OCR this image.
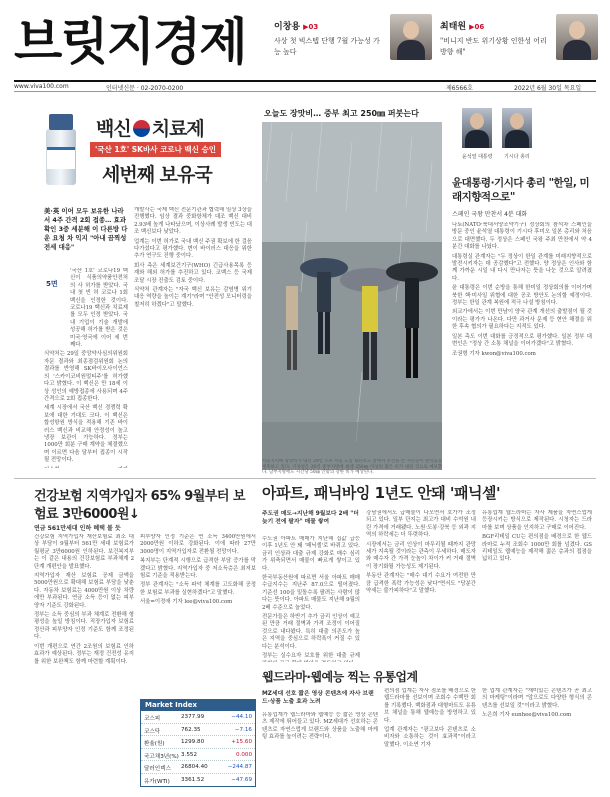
브릿지경제	이창용 ▶03
사상 첫 빅스텝 단행 7월 가능성 가능 높다
최태원 ▶06
"비니지 반도 위기상황 인한성 어리 방향 해"
www.viva100.com	인터넷신문 · 02-2070-0200	제6566호	2022년 6월 30일 목요일
백신 치료제
'국산 1호' SK바사 코로나 백신 승인
세번째 보유국
美·英 이어 모두 보유한 나라서 4주 간격 2회 접종… 효과 확인 3중 세분해 이 다른방 다운 요청 차 익지 "아내 끔찍성 전세 대응"

'국산 1호' 코로나19 백신이 식품의약품안전처의 사 허가를 받았다. 국내 첫 빈 허 코로나 1회 백신을 인정한 것이다. 코로나19 백신과 치료제를 모두 인정 받았다. 국내 기업이 기술 개발에 성공해 허가를 받은 것은 미국·영국에 이어 세 번째다.

식약처는 29일 중앙약사심의위원회 자문 결과와 최종점검위원회 논의 결과를 반영해 SK바이오사이언스의 '스카이코비원멀티주'를 허가했다고 밝혔다. 이 백신은 만 18세 이상 성인의 예방접종에 사용되며 4주 간격으로 2회 접종한다.

세계 시장에서 국산 백신 경쟁력 확보에 대한 기대도 크다. 이 백신은 합성항원 방식을 적용해 기존 바이러스 백신과 비교해 안정성이 높고 냉장 보관이 가능하다. 정부는 1000만 회분 구매 계약을 체결했으며 이르면 다음 달부터 접종이 시작될 전망이다.

5면

개발사는 국제 백신 전문기관과 협력해 임상 3상을 진행했다. 임상 결과 중화항체가 대조 백신 대비 2.93배 높게 나타났으며, 이상사례 발생 빈도는 대조 백신보다 낮았다.

업계는 이번 허가로 국내 백신 주권 확보에 한 걸음 다가섰다고 평가했다. 변이 바이러스 대응을 위한 추가 연구도 진행 중이다.

회사 측은 세계보건기구(WHO) 긴급사용목록 등재와 해외 허가를 추진하고 있다. 코백스 등 국제 조달 시장 진출도 검토 중이다.

식약처 관계자는 "자국 백신 보유는 감염병 위기 대응 역량을 높이는 계기"라며 "안전성 모니터링을 철저히 하겠다"고 말했다.

오늘도 장맛비… 중부 최고 250㎜ 퍼붓는다
윤석열 대통령 기시다 총리
윤대통령·기시다 총리 "한일, 미래지향적으로"
스페인 국왕 만찬서 4분 대화

나토(NATO·북대서양조약기구) 정상회의 참석차 스페인을 방문 중인 윤석열 대통령이 기시다 후미오 일본 총리와 처음으로 대면했다. 두 정상은 스페인 국왕 주최 만찬에서 약 4분간 대화를 나눴다.

대통령실 관계자는 "두 정상이 한일 관계를 미래지향적으로 발전시키자는 데 공감했다"고 전했다. 양 정상은 인사와 함께 가까운 시일 내 다시 만나자는 뜻을 나눈 것으로 알려졌다.

윤 대통령은 이번 순방을 통해 한미일 정상회의를 이어가며 북한 핵·미사일 위협에 대한 공조 방안도 논의할 예정이다. 정부는 한일 관계 복원에 적극 나설 방침이다.

외교가에서는 이번 만남이 양국 관계 개선의 출발점이 될 것이라는 평가가 나온다. 다만 과거사 문제 등 현안 해결을 위한 후속 협의가 필요하다는 지적도 있다.

일본 측도 이번 대화를 긍정적으로 평가했다. 일본 정부 대변인은 "정상 간 소통 채널을 이어가겠다"고 밝혔다.

조권형 기자 kwon@viva100.com

서울지역에 장맛비가 내린 29일 오후 서울 도심 횡단보도 앞에서 우산을 쓴 시민들이 발걸음을 재촉하고 있다. 기상청은 30일 중부지방에 최대 250㎜ 이상의 많은 비가 내릴 것으로 예보했다. 남부지방에도 시간당 50㎜ 안팎의 강한 비가 예상된다.
건강보험 지역가입자 65% 9월부터 보험료 3만6000원↓
연금 561만세대 인하 혜택 볼 듯

건강보험 지역가입자 재산보험료 최소 대상 부담이 9월부터 561만 세대 보험료가 월평균 3만6000원 인하된다. 보건복지부는 이 같은 내용의 건강보험료 부과체계 2단계 개편안을 발표했다.

지역가입자 재산 보험료 공제 금액을 5000만원으로 확대해 보험료 부담을 낮춘다. 자동차 보험료는 4000만원 이상 차량에만 부과된다. 연금 소득 등이 없는 피부양자 기준도 강화된다.

정부는 소득 중심의 부과 체계로 전환해 형평성을 높일 방침이다. 직장가입자 보험료 정산과 피부양자 인정 기준도 함께 조정된다.

이번 개편으로 연간 2조원의 보험료 인하 효과가 예상된다. 정부는 재정 건전성 유지를 위한 보완책도 함께 마련할 계획이다.

피부양자 인정 기준은 연 소득 3400만원에서 2000만원 이하로 강화된다. 이에 따라 27만3000명이 지역가입자로 전환될 전망이다.

복지부는 단계적 시행으로 급격한 부담 증가를 막겠다고 밝혔다. 지역가입자 중 저소득층은 최저보험료 기준을 적용받는다.

정부 관계자는 "소득 파악 체계를 고도화해 공정한 보험료 부과를 실현하겠다"고 말했다.

서울=이정애 기자 lee@viva100.com

Market Index
코스피	2377.99	−44.10
코스닥	762.35	−7.16
환율(원)	1299.80	+15.60
국고채3년(%) 3.552	0.000
달러인덱스 26804.40	−244.87
유가(WTI) 3361.52	−47.69
아파트, 패닉바잉 1년도 안돼 '패닉셀'
주도권 매도→지난해 9월보다 2배 "더 늦기 전에 팔자" 매물 쌓여

수도권 아파트 매매가 지난해 집값 급등 이후 1년도 안 돼 '패닉셀'로 바뀌고 있다. 금리 인상과 대출 규제 강화로 매수 심리가 위축되면서 매물이 빠르게 쌓이고 있다.

한국부동산원에 따르면 서울 아파트 매매수급지수는 지난주 87.0으로 떨어졌다. 기준선 100을 밑돌수록 팔려는 사람이 많다는 뜻이다. 아파트 매물도 지난해 9월의 2배 수준으로 늘었다.

전문가들은 하반기 추가 금리 인상이 예고된 만큼 거래 절벽과 가격 조정이 이어질 것으로 내다봤다. 특히 대출 의존도가 높은 지역을 중심으로 하락폭이 커질 수 있다는 분석이다.

정부는 실수요자 보호를 위한 대출 규제

강남권에서도 급매물이 나오면서 호가가 조정되고 있다. 일부 단지는 최고가 대비 수억원 내린 가격에 거래됐다. 노원·도봉·강북 등 외곽 지역의 하락세는 더 뚜렷하다.

시장에서는 금리 인상이 마무리될 때까지 관망세가 지속될 것이라는 관측이 우세하다. 매도자와 매수자 간 가격 눈높이 차이가 커 거래 절벽이 장기화될 가능성도 제기된다.

부동산 관계자는 "매수 대기 수요가 여전한 만큼 급격한 폭락 가능성은 낮다"면서도 "당분간 약세는 불가피하다"고 말했다.

유통업계 웹드라마는 자사 제품을 자연스럽게 등장시키는 방식으로 제작된다. 시청자는 드라마를 보며 상품을 인지하고 구매로 이어진다.

BGF리테일 CU는 편의점을 배경으로 한 웹드라마로 누적 조회수 1000만 회를 넘겼다. GS리테일도 웹예능을 제작해 젊은 층과의 접점을 넓히고 있다.

웹드라마·웹예능 찍는 유통업계
MZ세대 선호 짧은 영상 콘텐츠에 자사 브랜드·상품 노출 효과 노려

유통업계가 웹드라마와 웹예능 등 짧은 영상 콘텐츠 제작에 뛰어들고 있다. MZ세대가 선호하는 콘텐츠로 자연스럽게 브랜드와 상품을 노출해 마케팅 효과를 높이려는 전략이다.

편의점 업계는 자사 점포를 배경으로 한 웹드라마를 선보이며 조회수 수백만 회를 기록했다. 백화점과 대형마트도 유튜브 채널을 통해 웹예능을 방영하고 있다.

업계 관계자는 "광고보다 콘텐츠로 소비자와 소통하는 것이 효과적"이라고 말했다. 이소연 기자

한 업계 관계자는 "재미있는 콘텐츠가 곧 최고의 마케팅"이라며 "앞으로도 다양한 형식의 콘텐츠를 선보일 것"이라고 밝혔다.

노은희 기자 eunhee@viva100.com
